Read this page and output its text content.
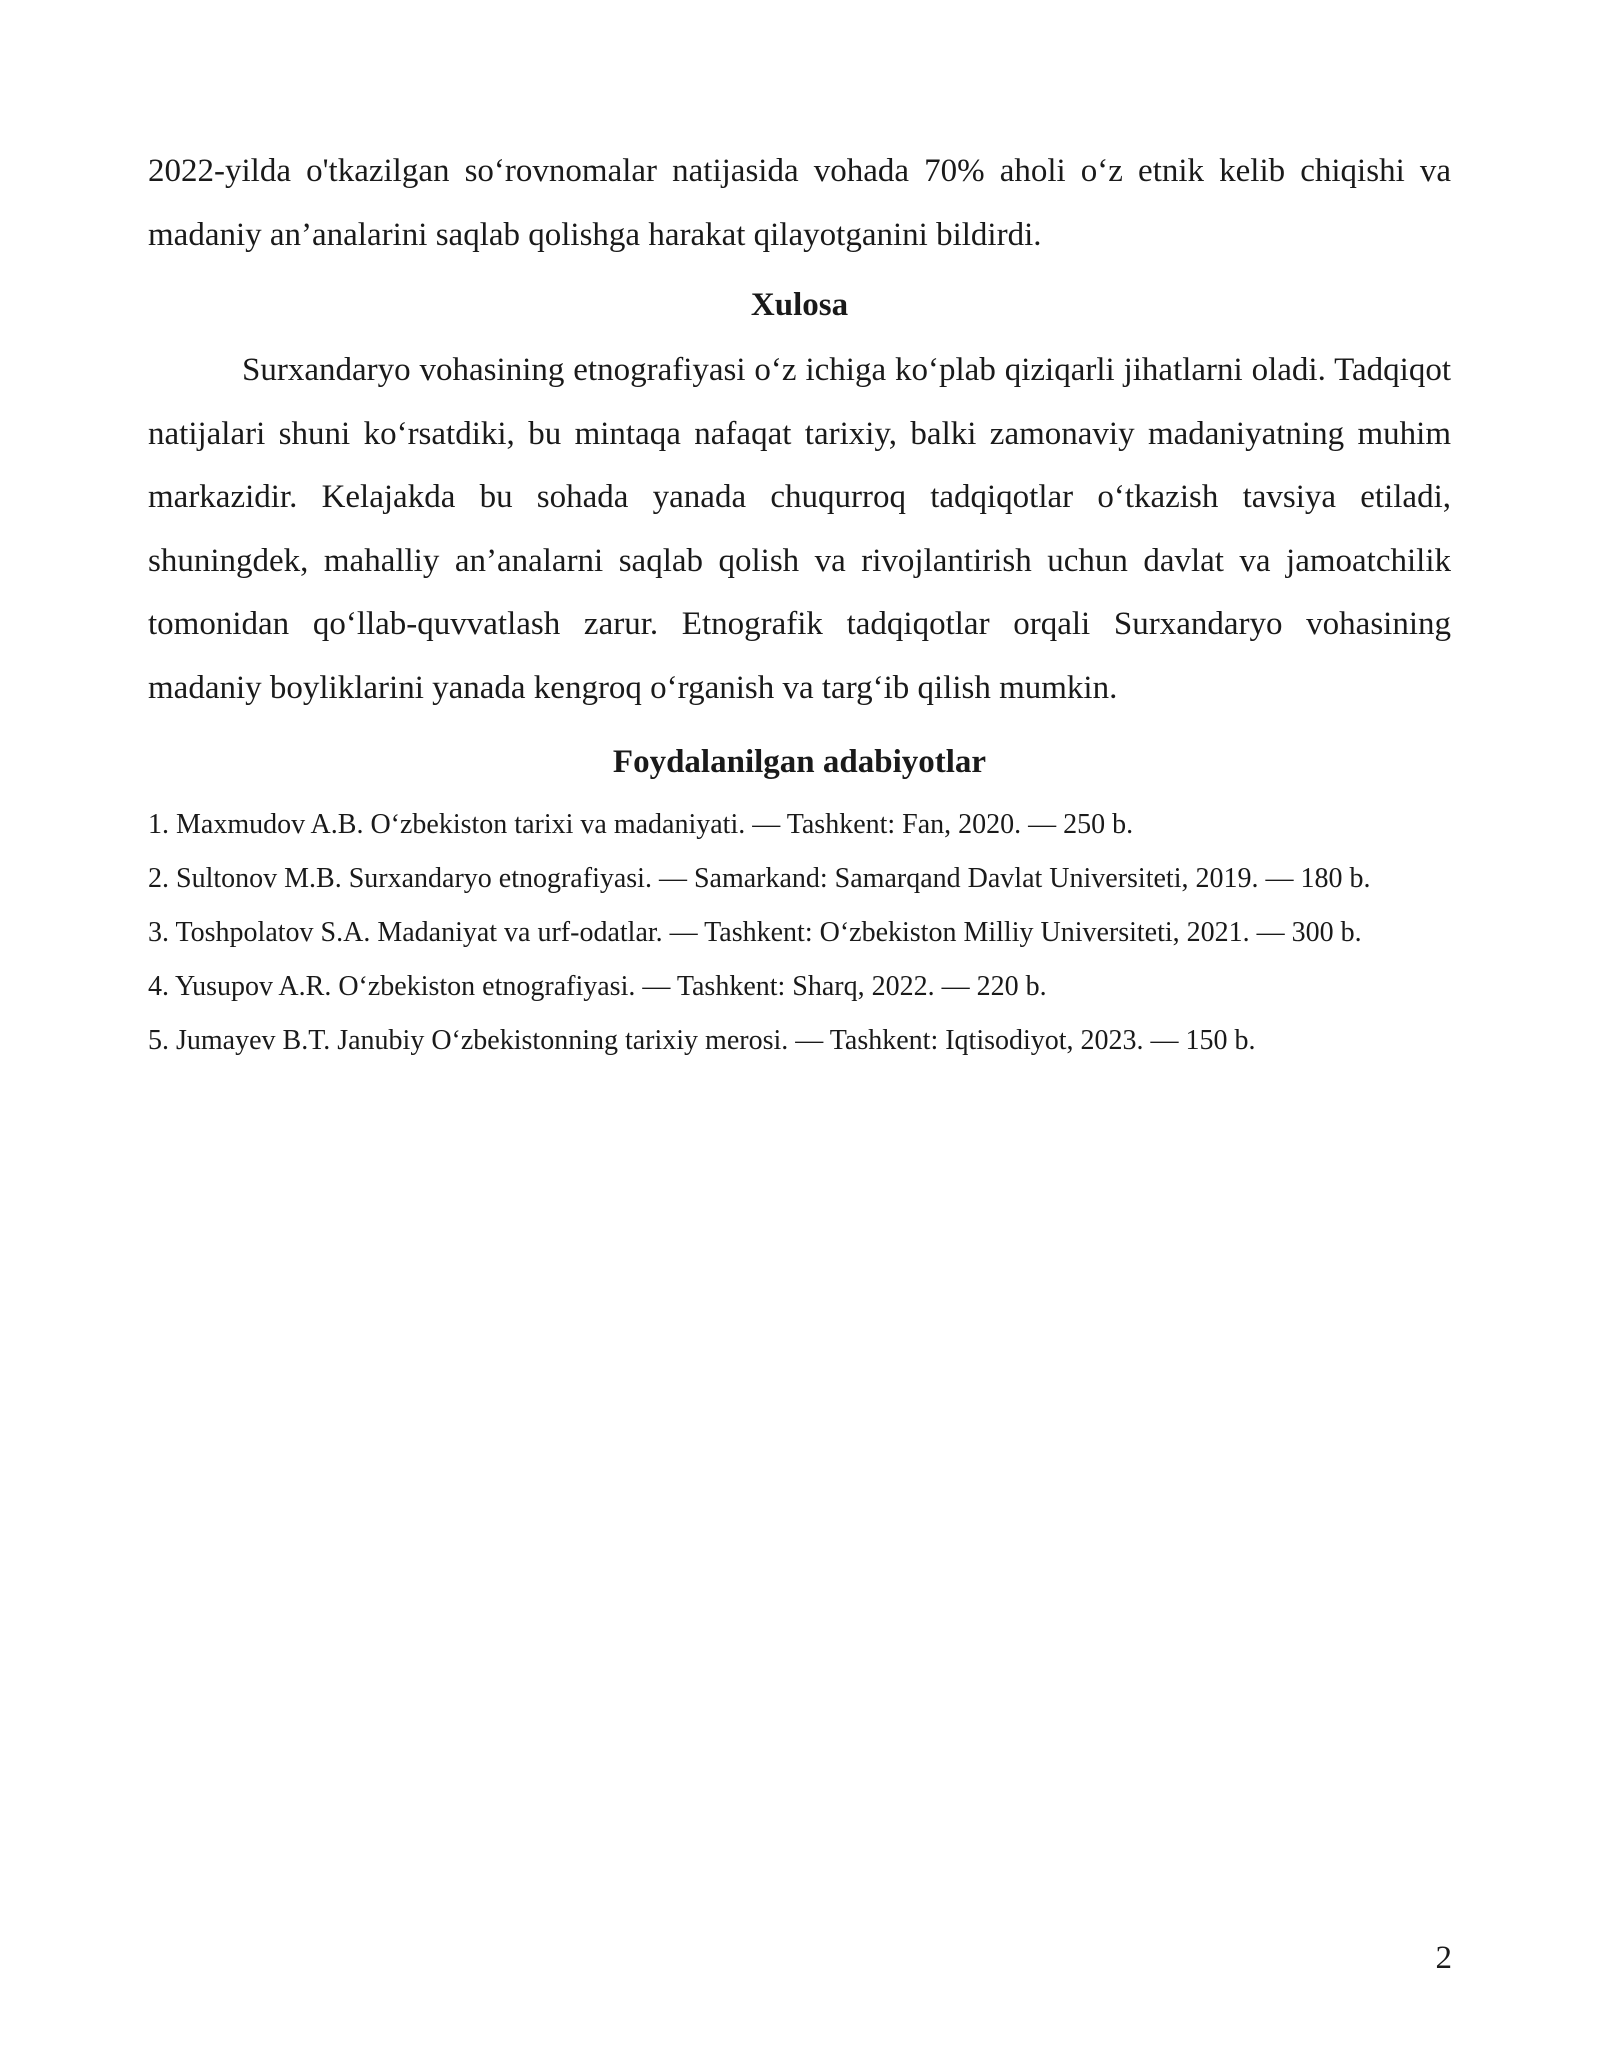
2022-yilda o'tkazilgan so‘rovnomalar natijasida vohada 70% aholi o‘z etnik kelib chiqishi va madaniy an’analarini saqlab qolishga harakat qilayotganini bildirdi.

Xulosa

Surxandaryo vohasining etnografiyasi o‘z ichiga ko‘plab qiziqarli jihatlarni oladi. Tadqiqot natijalari shuni ko‘rsatdiki, bu mintaqa nafaqat tarixiy, balki zamonaviy madaniyatning muhim markazidir. Kelajakda bu sohada yanada chuqurroq tadqiqotlar o‘tkazish tavsiya etiladi, shuningdek, mahalliy an’analarni saqlab qolish va rivojlantirish uchun davlat va jamoatchilik tomonidan qo‘llab-quvvatlash zarur. Etnografik tadqiqotlar orqali Surxandaryo vohasining madaniy boyliklarini yanada kengroq o‘rganish va targ‘ib qilish mumkin.

Foydalanilgan adabiyotlar
1. Maxmudov A.B. O‘zbekiston tarixi va madaniyati. — Tashkent: Fan, 2020. — 250 b.
2. Sultonov M.B. Surxandaryo etnografiyasi. — Samarkand: Samarqand Davlat Universiteti, 2019. — 180 b.
3. Toshpolatov S.A. Madaniyat va urf-odatlar. — Tashkent: O‘zbekiston Milliy Universiteti, 2021. — 300 b.
4. Yusupov A.R. O‘zbekiston etnografiyasi. — Tashkent: Sharq, 2022. — 220 b.
5. Jumayev B.T. Janubiy O‘zbekistonning tarixiy merosi. — Tashkent: Iqtisodiyot, 2023. — 150 b.
2
